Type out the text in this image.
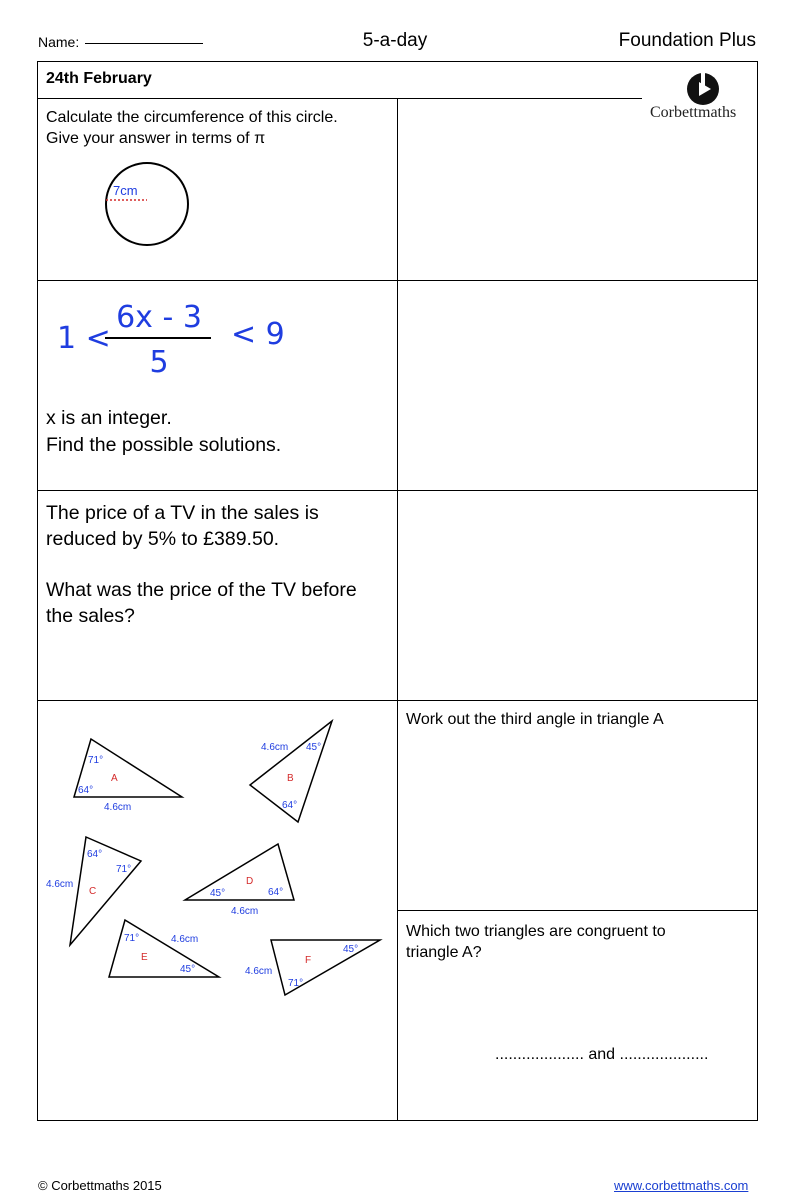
Name:	5-a-day	Foundation Plus
24th February
Corbettmaths
Calculate the circumference of this circle.
Give your answer in terms of π
7cm
1 <
6x - 3
5
< 9
x is an integer.
Find the possible solutions.
The price of a TV in the sales is
reduced by 5% to £389.50.
What was the price of the TV before
the sales?
71°
64°
4.6cm
A
45°
64°
4.6cm
B
64°
71°
4.6cm
C	45°	64°
4.6cm
D
71°
45°
4.6cm
E
45°
71°
4.6cm
F
Work out the third angle in triangle A
Which two triangles are congruent to
triangle A?
.................... and ....................
© Corbettmaths 2015	www.corbettmaths.com
